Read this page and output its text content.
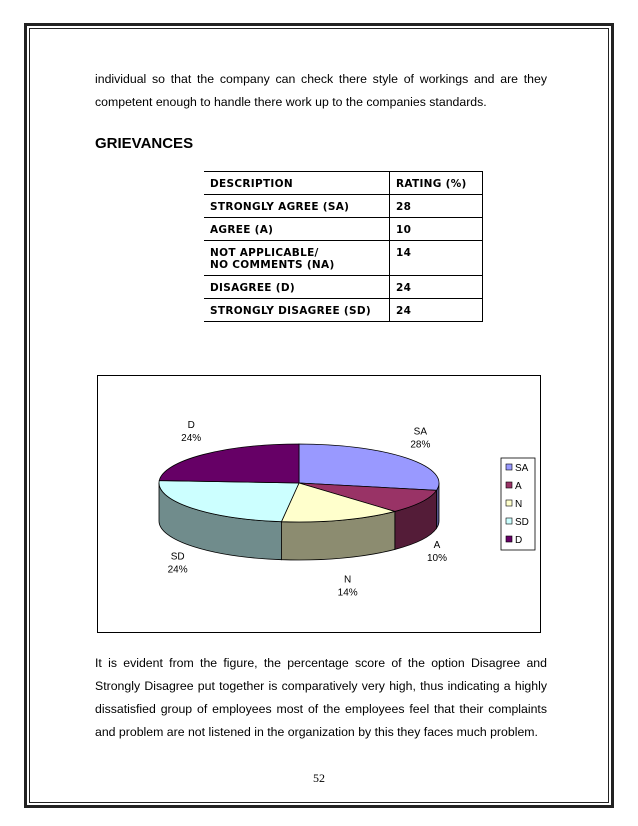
individual so that the company can check there style of workings and are they competent enough to handle there work up to the companies standards.
GRIEVANCES
DESCRIPTION	RATING (%)
STRONGLY AGREE (SA)	28
AGREE (A)	10

NOT APPLICABLE/
NO COMMENTS (NA)	14
DISAGREE (D)	24
STRONGLY DISAGREE (SD)	24
SA
28%
A
10%
N
14%
SD
24%
D
24%
SA
A
N
SD
D
It is evident from the figure, the percentage score of the option Disagree and Strongly Disagree put together is comparatively very high, thus indicating a highly dissatisfied group of employees most of the employees feel that their complaints and problem are not listened in the organization by this they faces much problem.
52
